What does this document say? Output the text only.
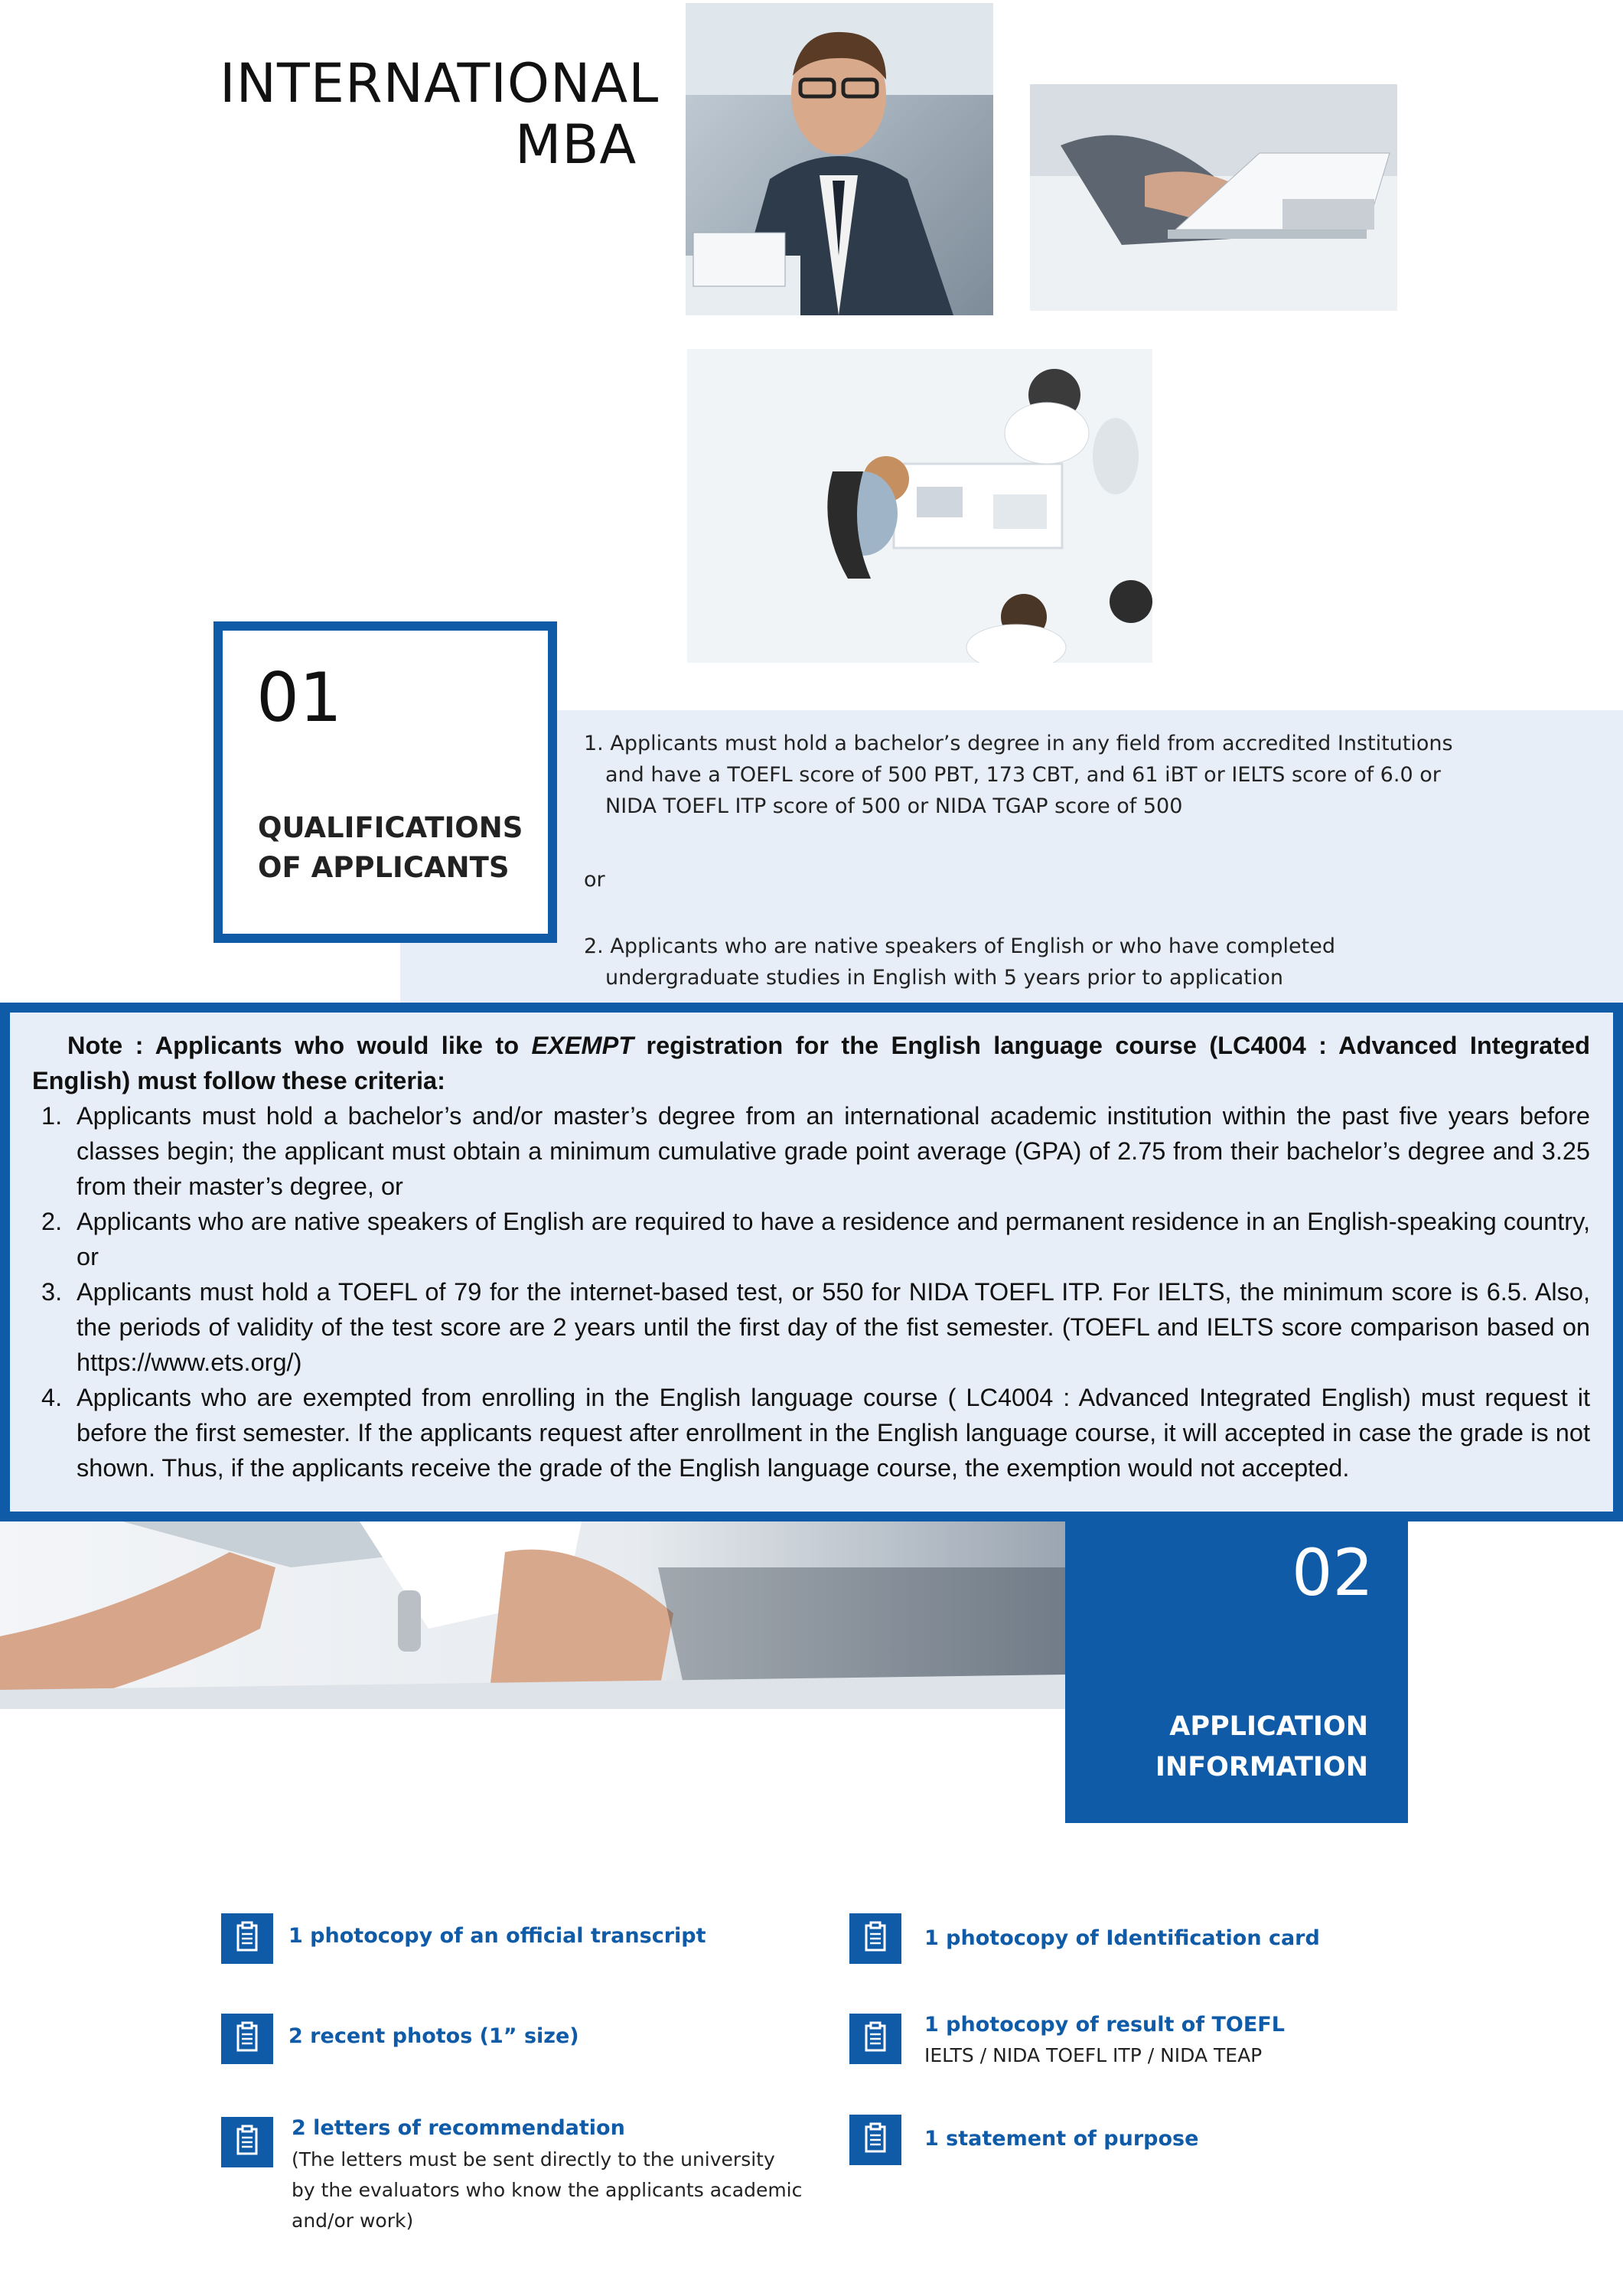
INTERNATIONAL
MBA
01
QUALIFICATIONS
OF APPLICANTS
1. Applicants must hold a bachelor’s degree in any field from accredited Institutions
and have a TOEFL score of 500 PBT, 173 CBT, and 61 iBT or IELTS score of 6.0 or
NIDA TOEFL ITP score of 500 or NIDA TGAP score of 500
or
2. Applicants who are native speakers of English or who have completed
undergraduate studies in English with 5 years prior to application
Note : Applicants who would like to EXEMPT registration for the English language course (LC4004 : Advanced Integrated English) must follow these criteria:
1. Applicants must hold a bachelor’s and/or master’s degree from an international academic institution within the past five years before classes begin; the applicant must obtain a minimum cumulative grade point average (GPA) of 2.75 from their bachelor’s degree and 3.25 from their master’s degree, or
2. Applicants who are native speakers of English are required to have a residence and permanent residence in an English-speaking country, or
3. Applicants must hold a TOEFL of 79 for the internet-based test, or 550 for NIDA TOEFL ITP. For IELTS, the minimum score is 6.5. Also, the periods of validity of the test score are 2 years until the first day of the fist semester. (TOEFL and IELTS score comparison based on https://www.ets.org/)
4. Applicants who are exempted from enrolling in the English language course ( LC4004 : Advanced Integrated English) must request it before the first semester. If the applicants request after enrollment in the English language course, it will accepted in case the grade is not shown. Thus, if the applicants receive the grade of the English language course, the exemption would not accepted.
02
APPLICATION
INFORMATION
1 photocopy of an official transcript
2 recent photos (1” size)
2 letters of recommendation
(The letters must be sent directly to the university
by the evaluators who know the applicants academic
and/or work)
1 photocopy of Identification card
1 photocopy of result of TOEFL
IELTS / NIDA TOEFL ITP / NIDA TEAP
1 statement of purpose
